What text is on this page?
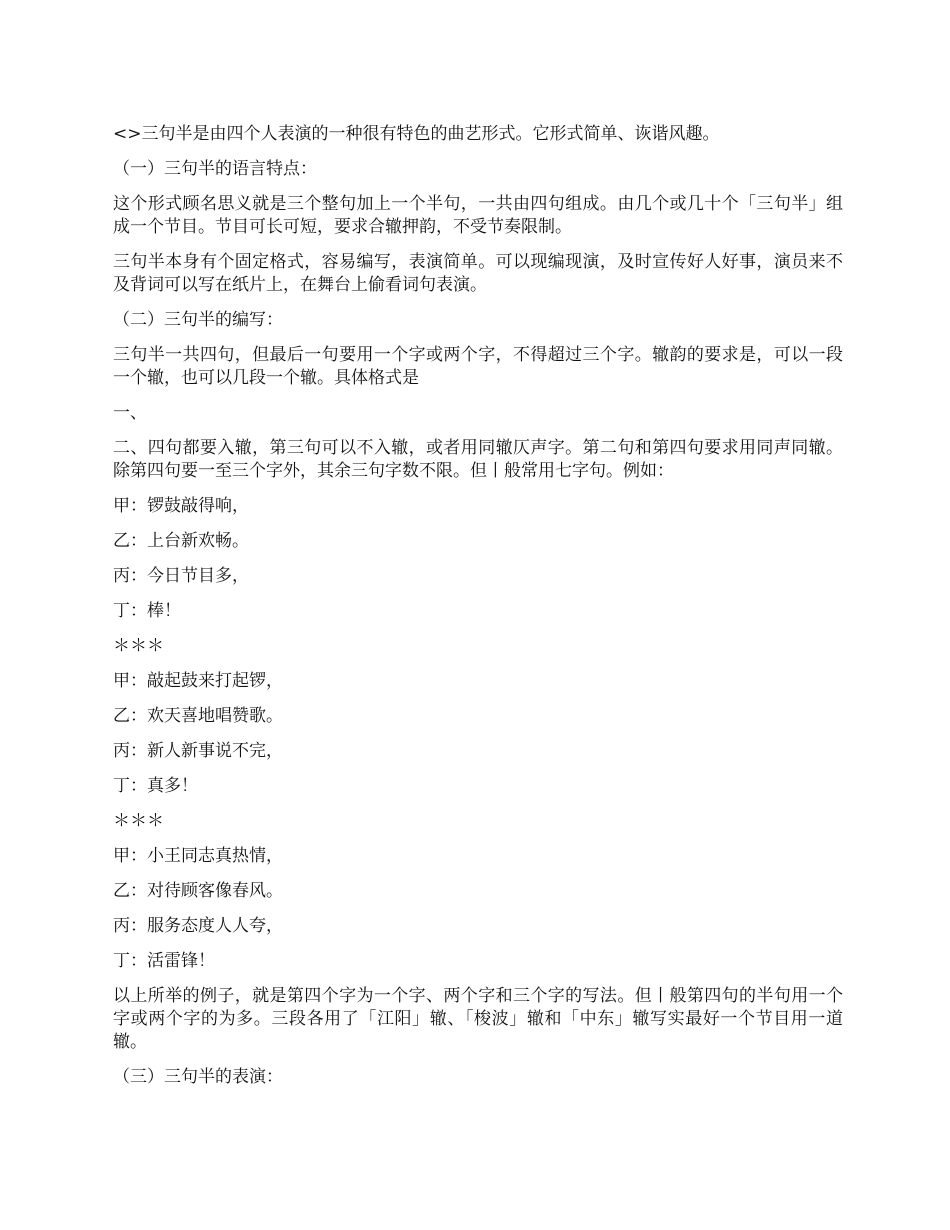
<>三句半是由四个人表演的一种很有特色的曲艺形式。它形式简单、诙谐风趣。

（一）三句半的语言特点：

这个形式顾名思义就是三个整句加上一个半句，一共由四句组成。由几个或几十个「三句半」组成一个节目。节目可长可短，要求合辙押韵，不受节奏限制。

三句半本身有个固定格式，容易编写，表演简单。可以现编现演，及时宣传好人好事，演员来不及背词可以写在纸片上，在舞台上偷看词句表演。

（二）三句半的编写：

三句半一共四句，但最后一句要用一个字或两个字，不得超过三个字。辙韵的要求是，可以一段一个辙，也可以几段一个辙。具体格式是

一、

二、四句都要入辙，第三句可以不入辙，或者用同辙仄声字。第二句和第四句要求用同声同辙。除第四句要一至三个字外，其余三句字数不限。但丨般常用七字句。例如：

甲：锣鼓敲得响，

乙：上台新欢畅。

丙：今日节目多，

丁：棒！

＊＊＊

甲：敲起鼓来打起锣，

乙：欢天喜地唱赞歌。

丙：新人新事说不完，

丁：真多！

＊＊＊

甲：小王同志真热情，

乙：对待顾客像春风。

丙：服务态度人人夸，

丁：活雷锋！

以上所举的例子，就是第四个字为一个字、两个字和三个字的写法。但丨般第四句的半句用一个字或两个字的为多。三段各用了「江阳」辙、「梭波」辙和「中东」辙写实最好一个节目用一道辙。

（三）三句半的表演：
